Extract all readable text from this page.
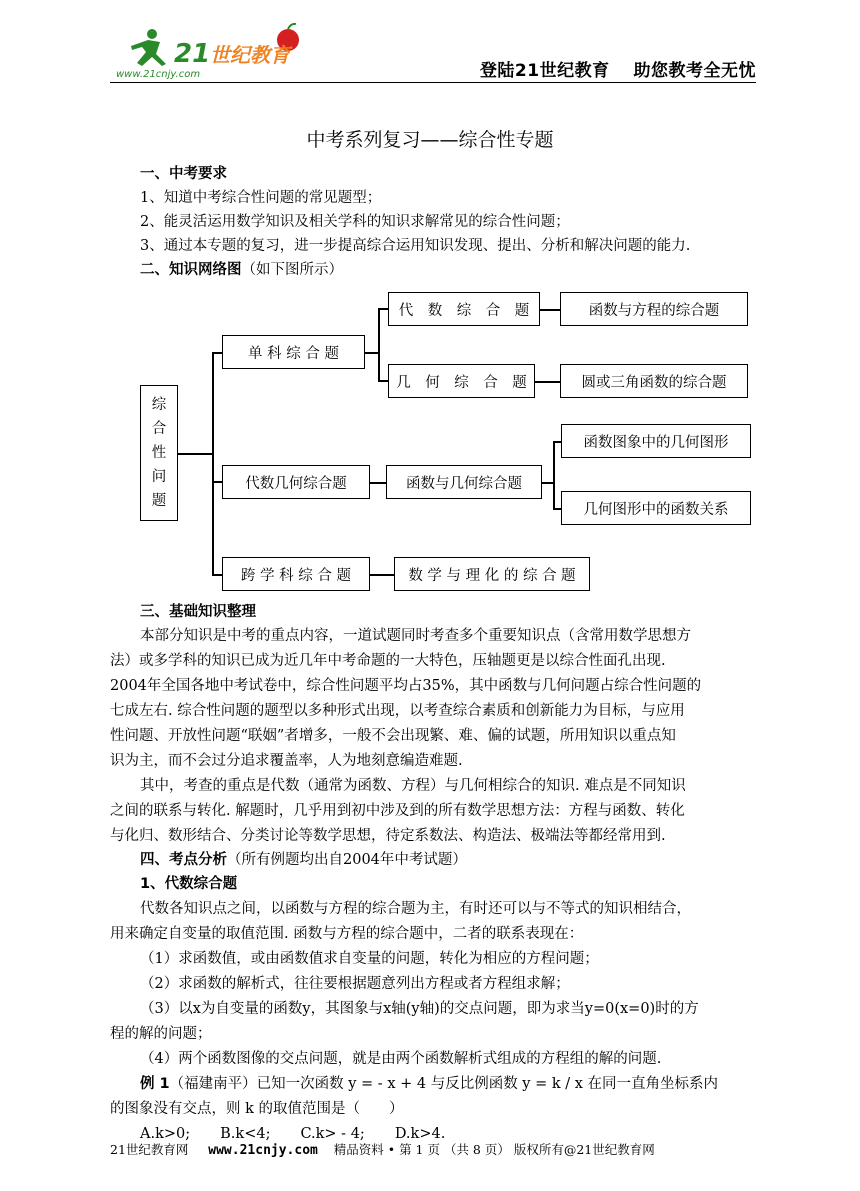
21 世纪教育
www.21cnjy.com	登陆21世纪教育　 助您教考全无忧
中考系列复习——综合性专题
一、中考要求
1、知道中考综合性问题的常见题型；
2、能灵活运用数学知识及相关学科的知识求解常见的综合性问题；
3、通过本专题的复习，进一步提高综合运用知识发现、提出、分析和解决问题的能力.
二、知识网络图（如下图所示）
综
合
性
问
题
单 科 综 合 题
代　数　综　合　题	函数与方程的综合题
几　何　综　合　题	圆或三角函数的综合题
代数几何综合题	函数与几何综合题
函数图象中的几何图形
几何图形中的函数关系
跨 学 科 综 合 题	数 学 与 理 化 的 综 合 题
三、基础知识整理
本部分知识是中考的重点内容，一道试题同时考查多个重要知识点（含常用数学思想方
法）或多学科的知识已成为近几年中考命题的一大特色，压轴题更是以综合性面孔出现.
2004年全国各地中考试卷中，综合性问题平均占35%，其中函数与几何问题占综合性问题的
七成左右. 综合性问题的题型以多种形式出现，以考查综合素质和创新能力为目标，与应用
性问题、开放性问题“联姻”者增多，一般不会出现繁、难、偏的试题，所用知识以重点知
识为主，而不会过分追求覆盖率，人为地刻意编造难题.
其中，考查的重点是代数（通常为函数、方程）与几何相综合的知识. 难点是不同知识
之间的联系与转化. 解题时，几乎用到初中涉及到的所有数学思想方法：方程与函数、转化
与化归、数形结合、分类讨论等数学思想，待定系数法、构造法、极端法等都经常用到.
四、考点分析（所有例题均出自2004年中考试题）
1、代数综合题
代数各知识点之间，以函数与方程的综合题为主，有时还可以与不等式的知识相结合，
用来确定自变量的取值范围. 函数与方程的综合题中，二者的联系表现在：
（1）求函数值，或由函数值求自变量的问题，转化为相应的方程问题；
（2）求函数的解析式，往往要根据题意列出方程或者方程组求解；
（3）以x为自变量的函数y，其图象与x轴(y轴)的交点问题，即为求当y=0(x=0)时的方
程的解的问题；
（4）两个函数图像的交点问题，就是由两个函数解析式组成的方程组的解的问题.
例 1（福建南平）已知一次函数 y = - x + 4 与反比例函数 y = k / x 在同一直角坐标系内
的图象没有交点，则 k 的取值范围是（　　）
A.k>0; B.k<4; C.k> - 4; D.k>4.
21世纪教育网 www.21cnjy.com 精品资料 • 第 1 页 （共 8 页） 版权所有@21世纪教育网
